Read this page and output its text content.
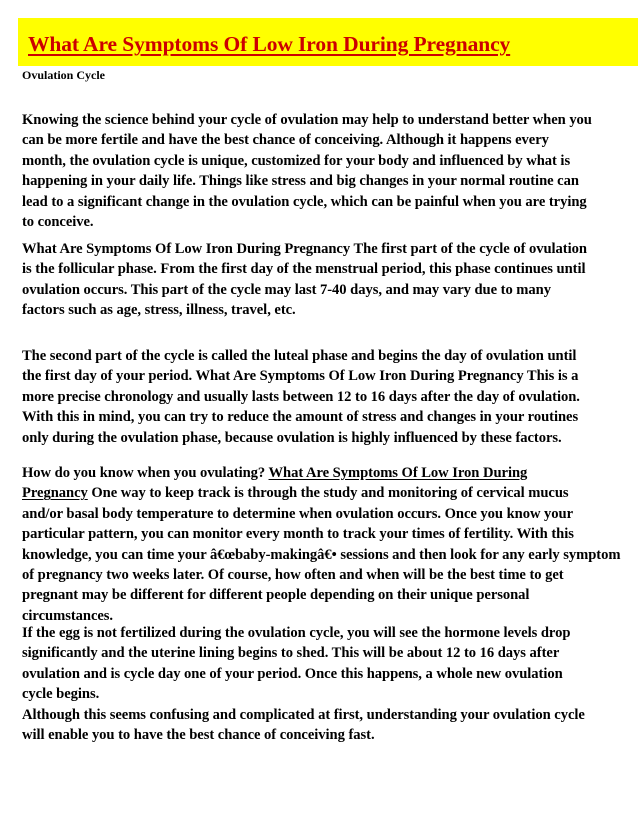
What Are Symptoms Of Low Iron During Pregnancy
Ovulation Cycle
Knowing the science behind your cycle of ovulation may help to understand better when you
can be more fertile and have the best chance of conceiving. Although it happens every
month, the ovulation cycle is unique, customized for your body and influenced by what is
happening in your daily life. Things like stress and big changes in your normal routine can
lead to a significant change in the ovulation cycle, which can be painful when you are trying
to conceive.
What Are Symptoms Of Low Iron During Pregnancy The first part of the cycle of ovulation
is the follicular phase. From the first day of the menstrual period, this phase continues until
ovulation occurs. This part of the cycle may last 7-40 days, and may vary due to many
factors such as age, stress, illness, travel, etc.
The second part of the cycle is called the luteal phase and begins the day of ovulation until
the first day of your period. What Are Symptoms Of Low Iron During Pregnancy This is a
more precise chronology and usually lasts between 12 to 16 days after the day of ovulation.
With this in mind, you can try to reduce the amount of stress and changes in your routines
only during the ovulation phase, because ovulation is highly influenced by these factors.
How do you know when you ovulating? What Are Symptoms Of Low Iron During
Pregnancy One way to keep track is through the study and monitoring of cervical mucus
and/or basal body temperature to determine when ovulation occurs. Once you know your
particular pattern, you can monitor every month to track your times of fertility. With this
knowledge, you can time your â€œbaby-makingâ€• sessions and then look for any early symptom
of pregnancy two weeks later. Of course, how often and when will be the best time to get
pregnant may be different for different people depending on their unique personal
circumstances.
If the egg is not fertilized during the ovulation cycle, you will see the hormone levels drop
significantly and the uterine lining begins to shed. This will be about 12 to 16 days after
ovulation and is cycle day one of your period. Once this happens, a whole new ovulation
cycle begins.
Although this seems confusing and complicated at first, understanding your ovulation cycle
will enable you to have the best chance of conceiving fast.
